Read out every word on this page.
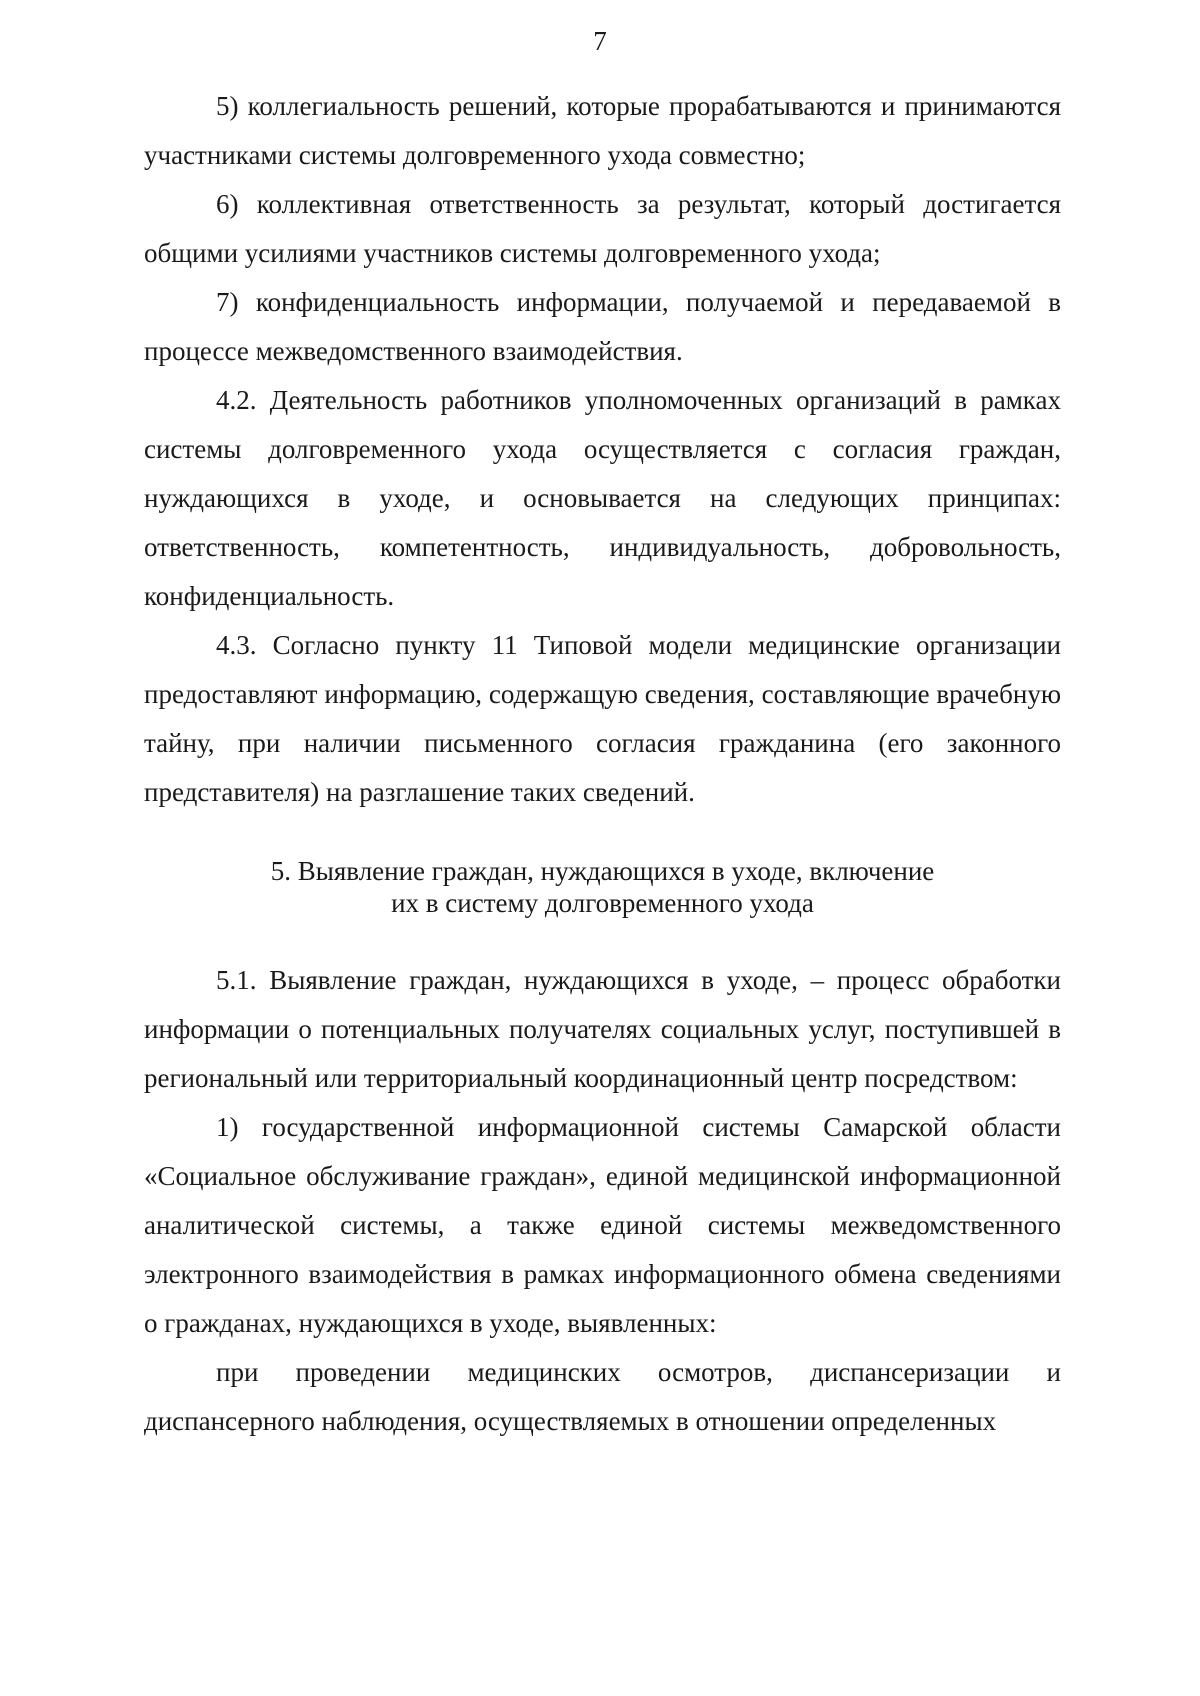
7

5) коллегиальность решений, которые прорабатываются и принимаются участниками системы долговременного ухода совместно;

6) коллективная ответственность за результат, который достигается общими усилиями участников системы долговременного ухода;

7) конфиденциальность информации, получаемой и передаваемой в процессе межведомственного взаимодействия.

4.2. Деятельность работников уполномоченных организаций в рамках системы долговременного ухода осуществляется с согласия граждан, нуждающихся в уходе, и основывается на следующих принципах: ответственность, компетентность, индивидуальность, добровольность, конфиденциальность.

4.3. Согласно пункту 11 Типовой модели медицинские организации предоставляют информацию, содержащую сведения, составляющие врачебную тайну, при наличии письменного согласия гражданина (его законного представителя) на разглашение таких сведений.

5. Выявление граждан, нуждающихся в уходе, включение
их в систему долговременного ухода

5.1. Выявление граждан, нуждающихся в уходе, – процесс обработки информации о потенциальных получателях социальных услуг, поступившей в региональный или территориальный координационный центр посредством:

1) государственной информационной системы Самарской области «Социальное обслуживание граждан», единой медицинской информационной аналитической системы, а также единой системы межведомственного электронного взаимодействия в рамках информационного обмена сведениями о гражданах, нуждающихся в уходе, выявленных:

при проведении медицинских осмотров, диспансеризации и диспансерного наблюдения, осуществляемых в отношении определенных
